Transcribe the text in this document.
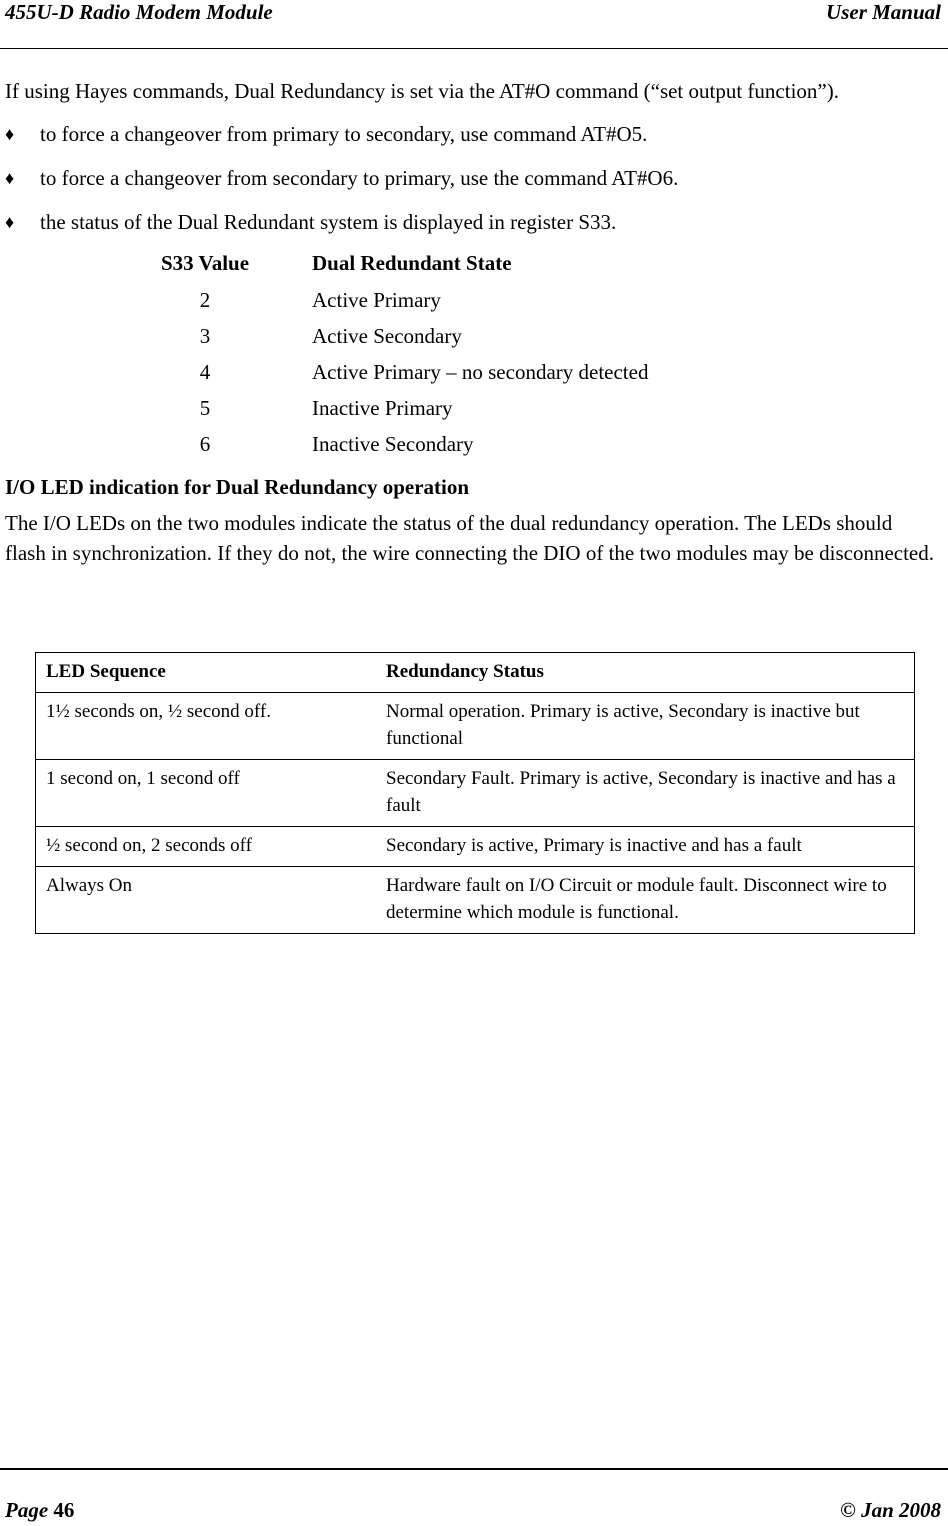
455U-D Radio Modem Module	User Manual

If using Hayes commands, Dual Redundancy is set via the AT#O command (“set output function”).

♦ to force a changeover from primary to secondary, use command AT#O5.
♦ to force a changeover from secondary to primary, use the command AT#O6.
♦ the status of the Dual Redundant system is displayed in register S33.
S33 Value	Dual Redundant State
2	Active Primary
3	Active Secondary
4	Active Primary – no secondary detected
5	Inactive Primary
6	Inactive Secondary
I/O LED indication for Dual Redundancy operation

The I/O LEDs on the two modules indicate the status of the dual redundancy operation. The LEDs should flash in synchronization. If they do not, the wire connecting the DIO of the two modules may be disconnected.

LED Sequence	Redundancy Status
1½ seconds on, ½ second off.	Normal operation. Primary is active, Secondary is inactive but functional
1 second on, 1 second off	Secondary Fault. Primary is active, Secondary is inactive and has a fault
½ second on, 2 seconds off	Secondary is active, Primary is inactive and has a fault
Always On	Hardware fault on I/O Circuit or module fault. Disconnect wire to determine which module is functional.
Page 46	© Jan 2008
